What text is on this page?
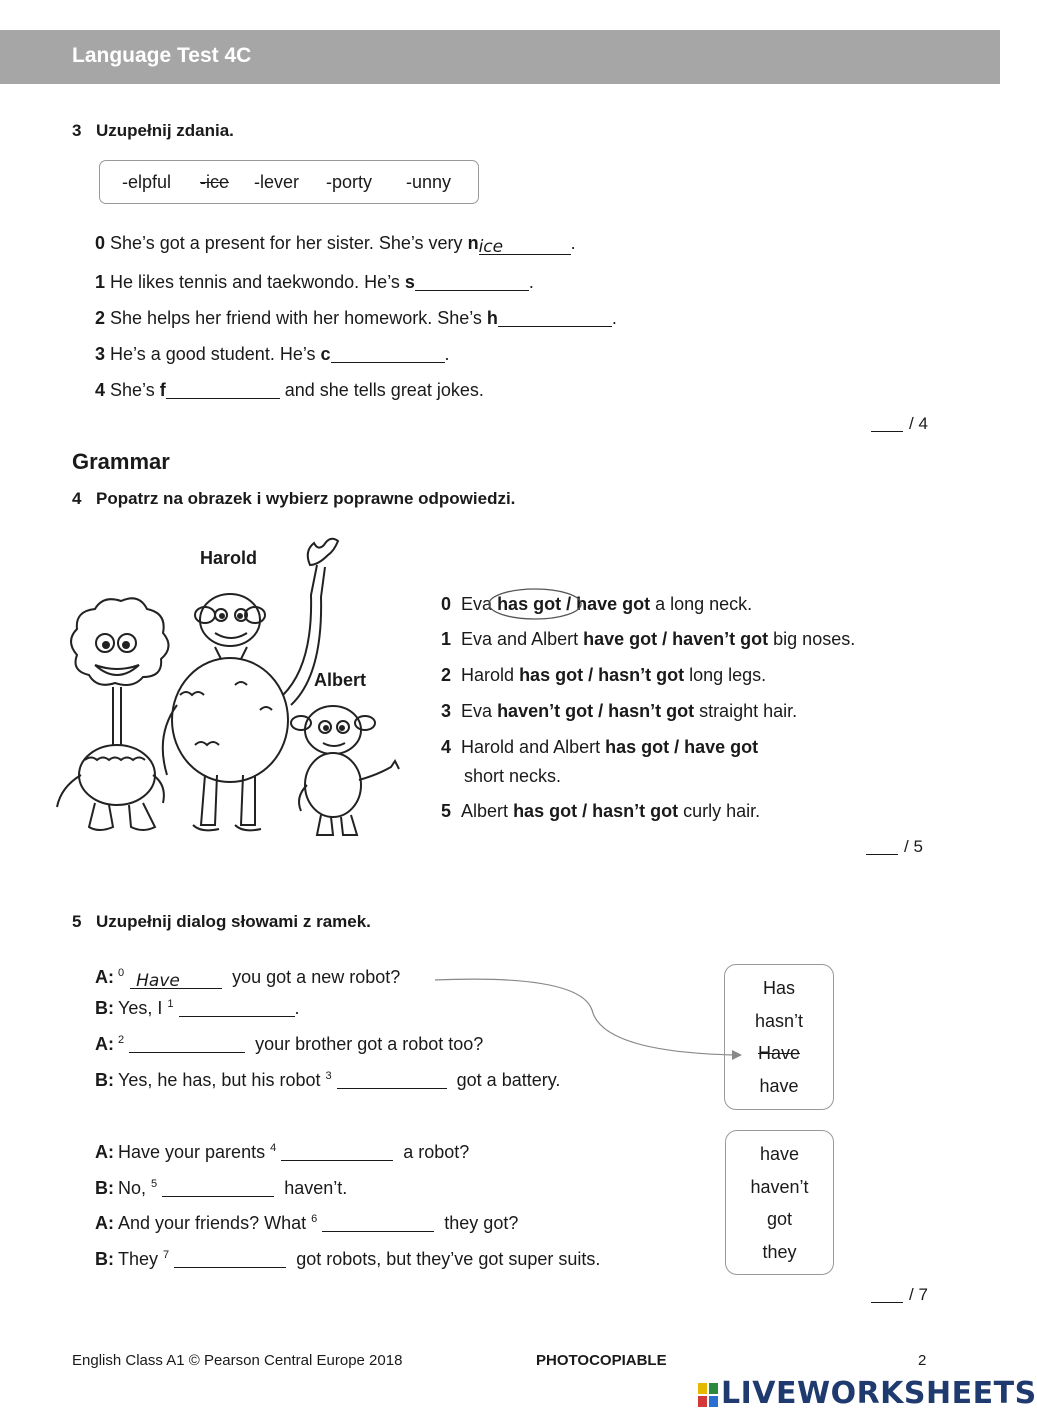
Language Test 4C
3 Uzupełnij zdania.
-elpful -ice -lever -porty -unny
0 She’s got a present for her sister. She’s very nice	.
1 He likes tennis and taekwondo. He’s s	.
2 She helps her friend with her homework. She’s h	.
3 He’s a good student. He’s c	.
4 She’s f	and she tells great jokes.
/ 4
Grammar
4 Popatrz na obrazek i wybierz poprawne odpowiedzi.
Harold
Albert
0 Eva has got
/ have got a long neck.
1 Eva and Albert have got / haven’t got big noses.
2 Harold has got / hasn’t got long legs.
3 Eva haven’t got / hasn’t got straight hair.
4 Harold and Albert has got / have got
short necks.
5 Albert has got / hasn’t got curly hair.
/ 5
5 Uzupełnij dialog słowami z ramek.
A: $^0$ Have	you got a new robot?
B: Yes, I $^1$	.
A: $^2$	your brother got a robot too?
B: Yes, he has, but his robot $^3$	got a battery.
A: Have your parents $^4$	a robot?
B: No, $^5$	haven’t.
A: And your friends? What $^6$	they got?
B: They $^7$	got robots, but they’ve got super suits.
Has
hasn’t
Have
have
have
haven’t
got
they
/ 7
English Class A1 © Pearson Central Europe 2018	PHOTOCOPIABLE	2
LIVEWORKSHEETS
